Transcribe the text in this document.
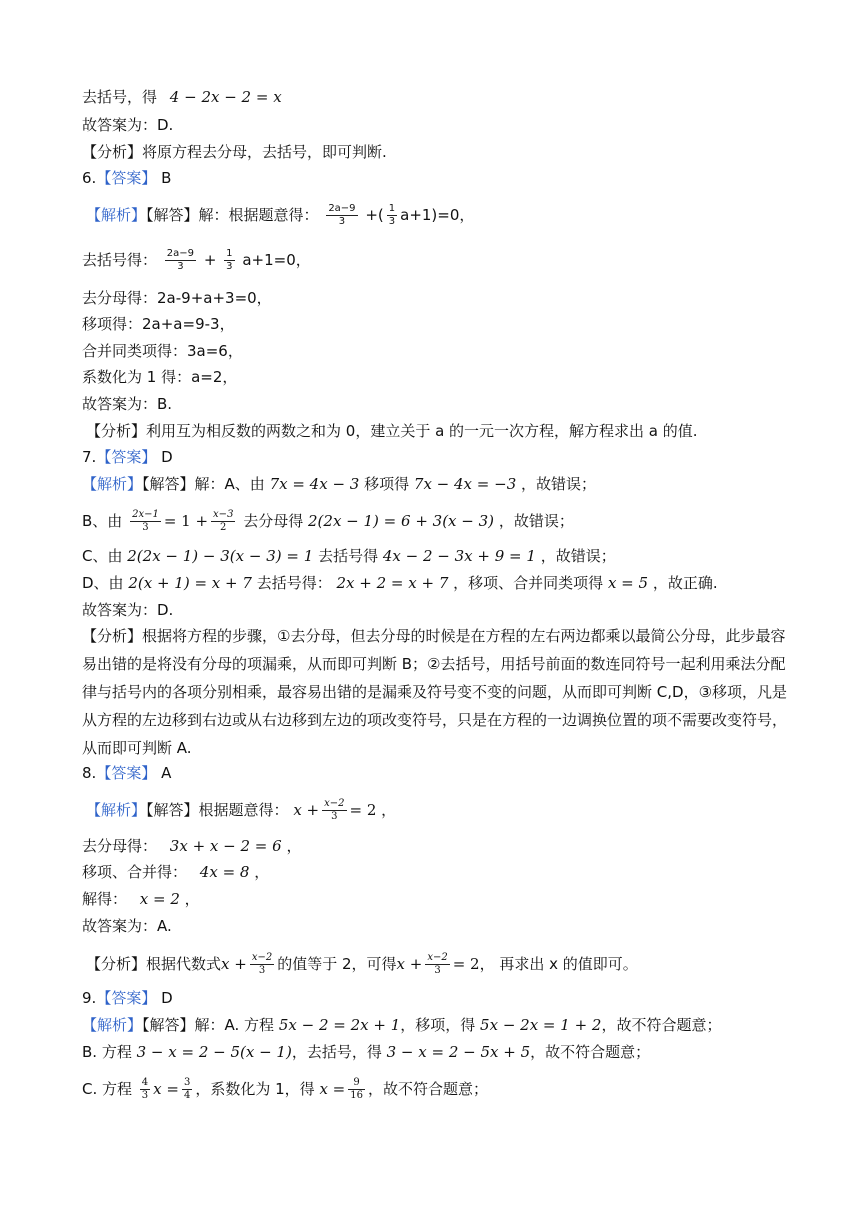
去括号，得 4 − 2x − 2 = x
故答案为：D.
【分析】将原方程去分母，去括号，即可判断.
6.【答案】 B
【解析】【解答】解：根据题意得： $\frac{2a-9}{3}$ +( $\frac{1}{3} a+1)=0$，
去括号得： $\frac{2a-9}{3} + \frac{1}{3} a+1=0$，
去分母得：2a-9+a+3=0，
移项得：2a+a=9-3，
合并同类项得：3a=6，
系数化为 1 得：a=2，
故答案为：B.
【分析】利用互为相反数的两数之和为 0，建立关于 a 的一元一次方程，解方程求出 a 的值.
7.【答案】 D
【解析】【解答】解：A、由 7x = 4x − 3 移项得 7x − 4x = −3 ，故错误；
B、由 $\frac{2x-1}{3} = 1 + \frac{x-3}{2}$ 去分母得 2(2x − 1) = 6 + 3(x − 3) ，故错误；
C、由 2(2x − 1) − 3(x − 3) = 1 去括号得 4x − 2 − 3x + 9 = 1 ，故错误；
D、由 2(x + 1) = x + 7 去括号得： 2x + 2 = x + 7 ，移项、合并同类项得 x = 5 ，故正确.
故答案为：D.
【分析】根据将方程的步骤，①去分母，但去分母的时候是在方程的左右两边都乘以最简公分母，此步最容易出错的是将没有分母的项漏乘，从而即可判断 B；②去括号，用括号前面的数连同符号一起利用乘法分配律与括号内的各项分别相乘，最容易出错的是漏乘及符号变不变的问题，从而即可判断 C,D，③移项，凡是从方程的左边移到右边或从右边移到左边的项改变符号，只是在方程的一边调换位置的项不需要改变符号，从而即可判断 A.
8.【答案】 A
【解析】【解答】根据题意得： $x + \frac{x-2}{3} = 2$ ，
去分母得： 3x + x − 2 = 6 ，
移项、合并得： 4x = 8 ，
解得： x = 2 ，
故答案为：A.
【分析】根据代数式$x + \frac{x-2}{3}$ 的值等于 2，可得$x + \frac{x-2}{3} = 2$， 再求出 x 的值即可。
9.【答案】 D
【解析】【解答】解：A. 方程 5x − 2 = 2x + 1，移项，得 5x − 2x = 1 + 2，故不符合题意；
B. 方程 3 − x = 2 − 5(x − 1)，去括号，得 3 − x = 2 − 5x + 5，故不符合题意；
C. 方程 $\frac{4}{3}$ $x = \frac{3}{4}$ ，系数化为 1，得 $x = \frac{9}{16}$ ，故不符合题意；
